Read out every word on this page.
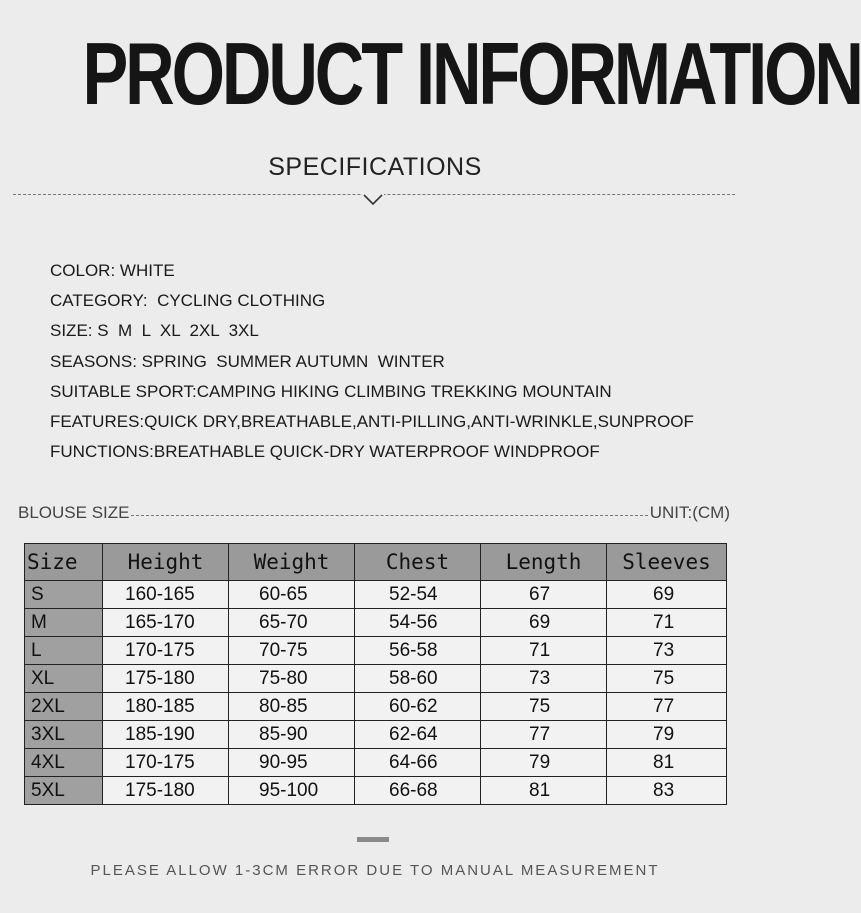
PRODUCT INFORMATION
SPECIFICATIONS
COLOR: WHITE
CATEGORY:  CYCLING CLOTHING
SIZE: S  M  L  XL  2XL  3XL
SEASONS: SPRING  SUMMER AUTUMN  WINTER
SUITABLE SPORT:CAMPING HIKING CLIMBING TREKKING MOUNTAIN
FEATURES:QUICK DRY,BREATHABLE,ANTI-PILLING,ANTI-WRINKLE,SUNPROOF
FUNCTIONS:BREATHABLE QUICK-DRY WATERPROOF WINDPROOF
BLOUSE SIZE	UNIT:(CM)
Size	Height	Weight	Chest	Length	Sleeves
S	160-165	60-65	52-54	67	69
M	165-170	65-70	54-56	69	71
L	170-175	70-75	56-58	71	73
XL	175-180	75-80	58-60	73	75
2XL	180-185	80-85	60-62	75	77
3XL	185-190	85-90	62-64	77	79
4XL	170-175	90-95	64-66	79	81
5XL	175-180	95-100	66-68	81	83
PLEASE ALLOW 1-3CM ERROR DUE TO MANUAL MEASUREMENT
